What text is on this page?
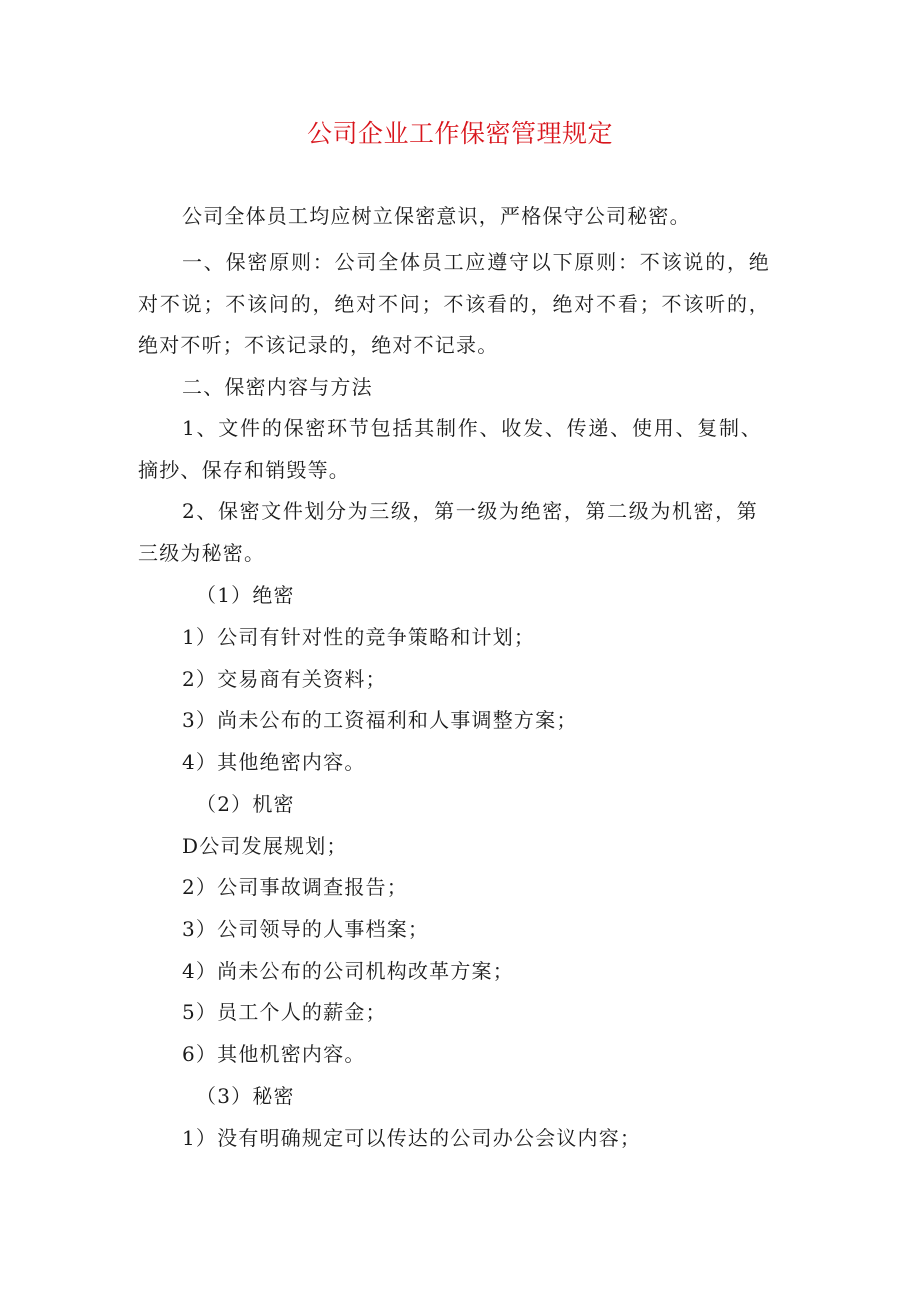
公司企业工作保密管理规定
公司全体员工均应树立保密意识，严格保守公司秘密。
一、保密原则：公司全体员工应遵守以下原则：不该说的，绝
对不说；不该问的，绝对不问；不该看的，绝对不看；不该听的，
绝对不听；不该记录的，绝对不记录。
二、保密内容与方法
1、文件的保密环节包括其制作、收发、传递、使用、复制、
摘抄、保存和销毁等。
2、保密文件划分为三级，第一级为绝密，第二级为机密，第
三级为秘密。
（1）绝密
1）公司有针对性的竞争策略和计划；
2）交易商有关资料；
3）尚未公布的工资福利和人事调整方案；
4）其他绝密内容。
（2）机密
D公司发展规划；
2）公司事故调查报告；
3）公司领导的人事档案；
4）尚未公布的公司机构改革方案；
5）员工个人的薪金；
6）其他机密内容。
（3）秘密
1）没有明确规定可以传达的公司办公会议内容；
